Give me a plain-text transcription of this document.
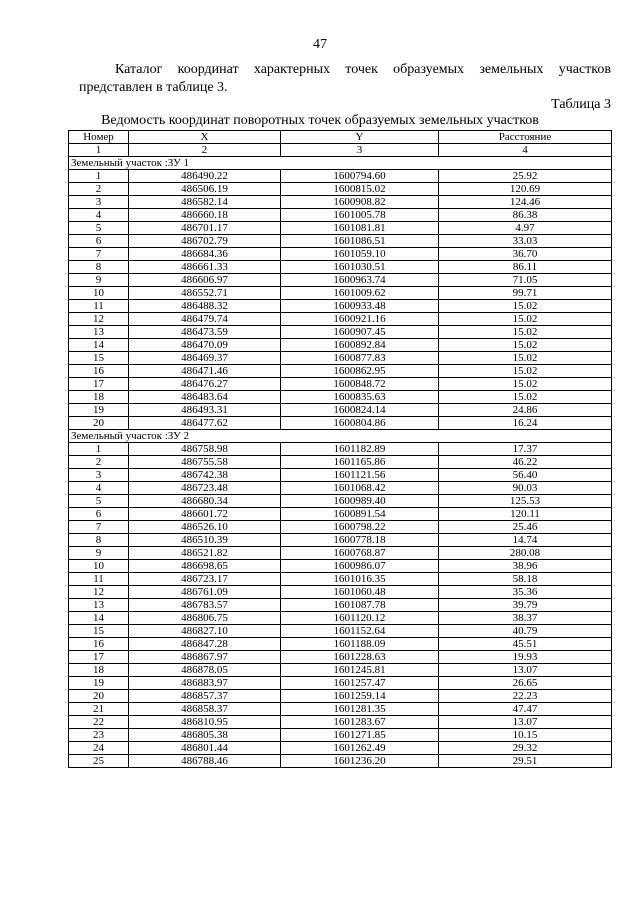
47

Каталог координат характерных точек образуемых земельных участков представлен в таблице 3.

Таблица 3
Ведомость координат поворотных точек образуемых земельных участков
Номер	X	Y	Расстояние
1	2	3	4
Земельный участок :ЗУ 1			
1	486490.22	1600794.60	25.92
2	486506.19	1600815.02	120.69
3	486582.14	1600908.82	124.46
4	486660.18	1601005.78	86.38
5	486701.17	1601081.81	4.97
6	486702.79	1601086.51	33.03
7	486684.36	1601059.10	36.70
8	486661.33	1601030.51	86.11
9	486606.97	1600963.74	71.05
10	486552.71	1601009.62	99.71
11	486488.32	1600933.48	15.02
12	486479.74	1600921.16	15.02
13	486473.59	1600907.45	15.02
14	486470.09	1600892.84	15.02
15	486469.37	1600877.83	15.02
16	486471.46	1600862.95	15.02
17	486476.27	1600848.72	15.02
18	486483.64	1600835.63	15.02
19	486493.31	1600824.14	24.86
20	486477.62	1600804.86	16.24
Земельный участок :ЗУ 2			
1	486758.98	1601182.89	17.37
2	486755.58	1601165.86	46.22
3	486742.38	1601121.56	56.40
4	486723.48	1601068.42	90.03
5	486680.34	1600989.40	125.53
6	486601.72	1600891.54	120.11
7	486526.10	1600798.22	25.46
8	486510.39	1600778.18	14.74
9	486521.82	1600768.87	280.08
10	486698.65	1600986.07	38.96
11	486723.17	1601016.35	58.18
12	486761.09	1601060.48	35.36
13	486783.57	1601087.78	39.79
14	486806.75	1601120.12	38.37
15	486827.10	1601152.64	40.79
16	486847.28	1601188.09	45.51
17	486867.97	1601228.63	19.93
18	486878.05	1601245.81	13.07
19	486883.97	1601257.47	26.65
20	486857.37	1601259.14	22.23
21	486858.37	1601281.35	47.47
22	486810.95	1601283.67	13.07
23	486805.38	1601271.85	10.15
24	486801.44	1601262.49	29.32
25	486788.46	1601236.20	29.51
